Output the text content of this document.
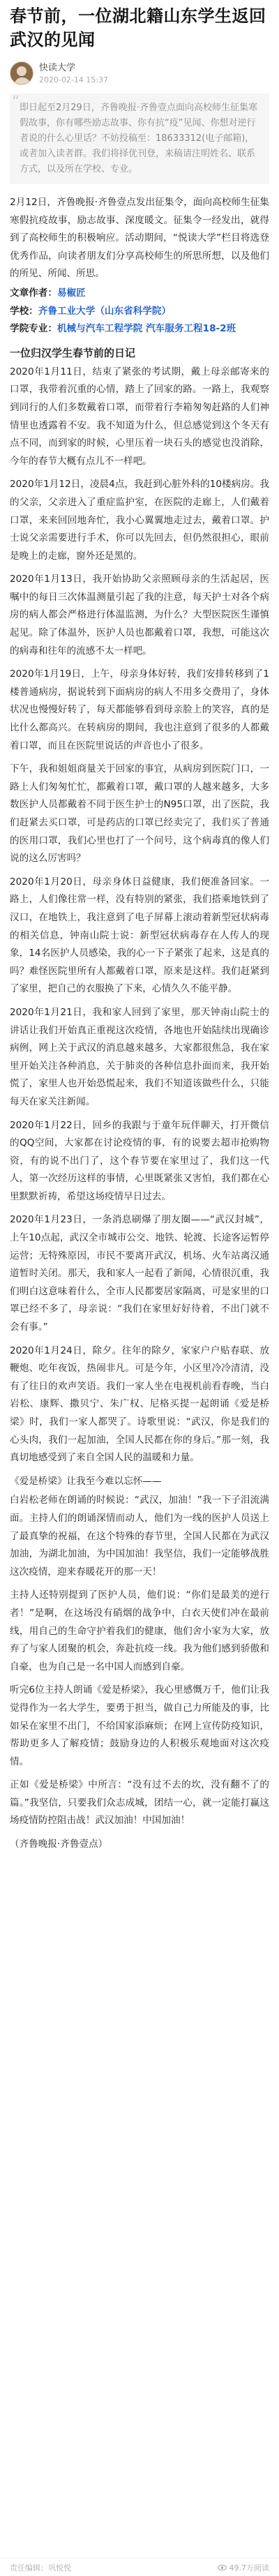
春节前，一位湖北籍山东学生返回武汉的见闻
快读大学
2020-02-14 15:37
“ 即日起至2月29日，齐鲁晚报·齐鲁壹点面向高校师生征集寒假故事，你有哪些励志故事、你有抗“疫”见闻、你想对逆行者说的什么心里话？不妨投稿至：18633312(电子邮箱)，或者加入读者群。我们将择优刊登，来稿请注明姓名、联系方式，以及所在学校、专业。

2月12日，齐鲁晚报·齐鲁壹点发出征集令，面向高校师生征集寒假抗疫故事，励志故事、深度暖文。征集令一经发出，就得到了高校师生的积极响应。活动期间，“悦读大学”栏目将选登优秀作品，向读者朋友们分享高校师生的所思所想，以及他们的所见、所闻、所思。

文章作者：易椒匠
学校：齐鲁工业大学（山东省科学院）
学院专业：机械与汽车工程学院 汽车服务工程18-2班
一位归汉学生春节前的日记

2020年1月11日，结束了紧张的考试期，戴上母亲邮寄来的口罩，我带着沉重的心情，踏上了回家的路。一路上，我观察到同行的人们多数戴着口罩，而带着行李箱匆匆赶路的人们神情里也透露着不安。我不知道为什么，但总感觉到这个冬天有点不同，而到家的时候，心里压着一块石头的感觉也没消除，今年的春节大概有点儿不一样吧。

2020年1月12日，凌晨4点，我赶到心脏外科的10楼病房。我的父亲，父亲进入了重症监护室，在医院的走廊上，人们戴着口罩，来来回回地奔忙，我小心翼翼地走过去，戴着口罩。护士说父亲需要进行手术，你可以先回去，但仍然很担心，眼前是晚上的走廊，窗外还是黑的。

2020年1月13日，我开始协助父亲照顾母亲的生活起居，医嘱中的每日三次体温测量引起了我的注意，每天护士对各个病房的病人都会严格进行体温监测，为什么？大型医院医生谨慎起见。除了体温外，医护人员也都戴着口罩，我想，可能这次的病毒和往年的流感不太一样吧。

2020年1月19日，上午，母亲身体好转，我们安排转移到了1楼普通病房，据说转到下面病房的病人不用多交费用了，身体状况也慢慢好转了，每天都能够看到母亲脸上的笑容，真的是比什么都高兴。在转病房的期间，我也注意到了很多的人都戴着口罩，而且在医院里说话的声音也小了很多。

下午，我和姐姐商量关于回家的事宜，从病房到医院门口，一路上人们匆匆忙忙，都戴着口罩，戴口罩的人越来越多，大多数医护人员都戴着不同于医生护士的N95口罩，出了医院，我们赶紧去买口罩，可是药店的口罩已经卖完了，我们买了普通的医用口罩，我们心里也打了一个问号，这个病毒真的像人们说的这么厉害吗？

2020年1月20日，母亲身体日益健康，我们便准备回家。一路上，人们像往常一样，没有特别的紧张，我们搭乘地铁到了汉口，在地铁上，我注意到了电子屏幕上滚动着新型冠状病毒的相关信息，钟南山院士说：新型冠状病毒存在人传人的现象，14名医护人员感染，我的心一下子紧张了起来，这是真的吗？难怪医院里所有人都戴着口罩，原来是这样。我们赶紧到了家里，把自己的衣服换了下来，心情久久不能平静。

2020年1月21日，我和家人回到了家里，那天钟南山院士的讲话让我们开始真正重视这次疫情，各地也开始陆续出现确诊病例，网上关于武汉的消息越来越多，大家都很焦急，我在家里开始关注各种消息，关于肺炎的各种信息扑面而来，我开始慌了，家里人也开始恐慌起来，我们不知道该做些什么，只能每天在家关注新闻。

2020年1月22日，回乡的我跟与于童年玩伴聊天，打开微信的QQ空间，大家都在讨论疫情的事，有的说要去超市抢购物资，有的说不出门了，这个春节要在家里过了，我们这一代人，第一次经历这样的事情，心里既紧张又害怕，我们都在心里默默祈祷，希望这场疫情早日过去。

2020年1月23日，一条消息刷爆了朋友圈——“武汉封城”，上午10点起，武汉全市城市公交、地铁、轮渡、长途客运暂停运营；无特殊原因，市民不要离开武汉，机场、火车站离汉通道暂时关闭。那天，我和家人一起看了新闻，心情很沉重，我们明白这意味着什么，全市人民都要居家隔离，可是家里的口罩已经不多了，母亲说：“我们在家里好好待着，不出门就不会有事。”

2020年1月24日，除夕。往年的除夕，家家户户贴春联、放鞭炮、吃年夜饭，热闹非凡。可是今年，小区里冷冷清清，没有了往日的欢声笑语。我们一家人坐在电视机前看春晚，当白岩松、康辉、撒贝宁、朱广权、尼格买提一起朗诵《爱是桥梁》时，我们一家人都哭了。诗歌里说：“武汉，你是我们的心头肉，我们一起加油，全国人民都在你的身后。”那一刻，我真切地感受到了来自全国人民的温暖和力量。

《爱是桥梁》让我至今难以忘怀——

白岩松老师在朗诵的时候说：“武汉，加油！”我一下子泪流满面。主持人们的朗诵深情而动人，他们为一线的医护人员送上了最真挚的祝福，在这个特殊的春节里，全国人民都在为武汉加油，为湖北加油，为中国加油！我坚信，我们一定能够战胜这次疫情，迎来春暖花开的那一天！

主持人还特别提到了医护人员，他们说：“你们是最美的逆行者！”是啊，在这场没有硝烟的战争中，白衣天使们冲在最前线，用自己的生命守护着我们的健康，他们舍小家为大家，放弃了与家人团聚的机会，奔赴抗疫一线。我为他们感到骄傲和自豪，也为自己是一名中国人而感到自豪。

听完6位主持人朗诵《爱是桥梁》，我心里感慨万千，他们让我觉得作为一名大学生，要勇于担当，做自己力所能及的事，比如呆在家里不出门，不给国家添麻烦；在网上宣传防疫知识，帮助更多人了解疫情；鼓励身边的人积极乐观地面对这次疫情。

正如《爱是桥梁》中所言：“没有过不去的坎，没有翻不了的篇。”我坚信，只要我们众志成城，团结一心，就一定能打赢这场疫情防控阻击战！武汉加油！中国加油！

（齐鲁晚报·齐鲁壹点）

责任编辑：巩悦悦	49.7万阅读
